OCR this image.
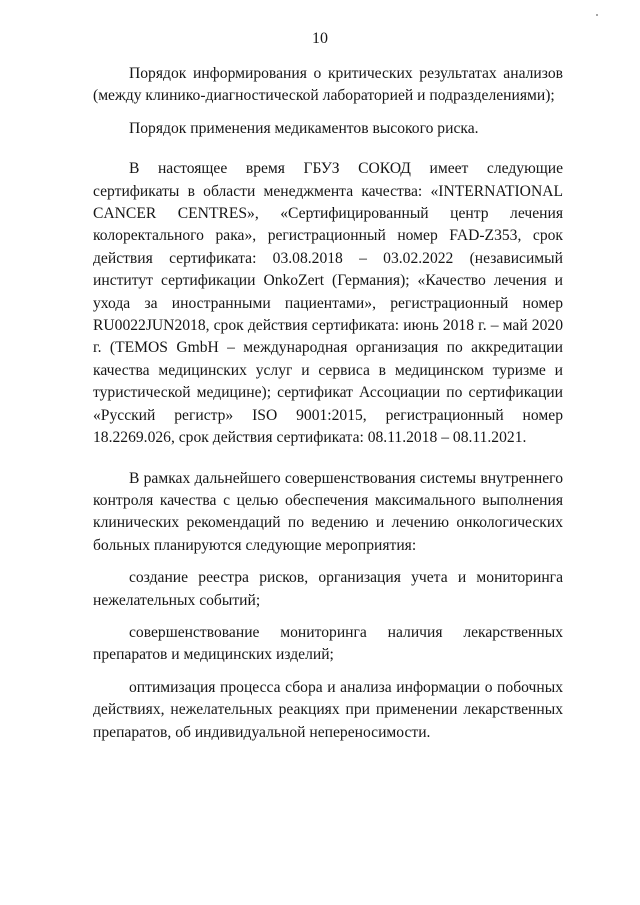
10

Порядок информирования о критических результатах анализов (между клинико-диагностической лабораторией и подразделениями);

Порядок применения медикаментов высокого риска.

В настоящее время ГБУЗ СОКОД имеет следующие сертификаты в области менеджмента качества: «INTERNATIONAL CANCER CENTRES», «Сертифицированный центр лечения колоректального рака», регистрационный номер FAD-Z353, срок действия сертификата: 03.08.2018 – 03.02.2022 (независимый институт сертификации OnkoZert (Германия); «Качество лечения и ухода за иностранными пациентами», регистрационный номер RU0022JUN2018, срок действия сертификата: июнь 2018 г. – май 2020 г. (TEMOS GmbH – международная организация по аккредитации качества медицинских услуг и сервиса в медицинском туризме и туристической медицине); сертификат Ассоциации по сертификации «Русский регистр» ISO 9001:2015, регистрационный номер 18.2269.026, срок действия сертификата: 08.11.2018 – 08.11.2021.

В рамках дальнейшего совершенствования системы внутреннего контроля качества с целью обеспечения максимального выполнения клинических рекомендаций по ведению и лечению онкологических больных планируются следующие мероприятия:

создание реестра рисков, организация учета и мониторинга нежелательных событий;

совершенствование мониторинга наличия лекарственных препаратов и медицинских изделий;

оптимизация процесса сбора и анализа информации о побочных действиях, нежелательных реакциях при применении лекарственных препаратов, об индивидуальной непереносимости.
